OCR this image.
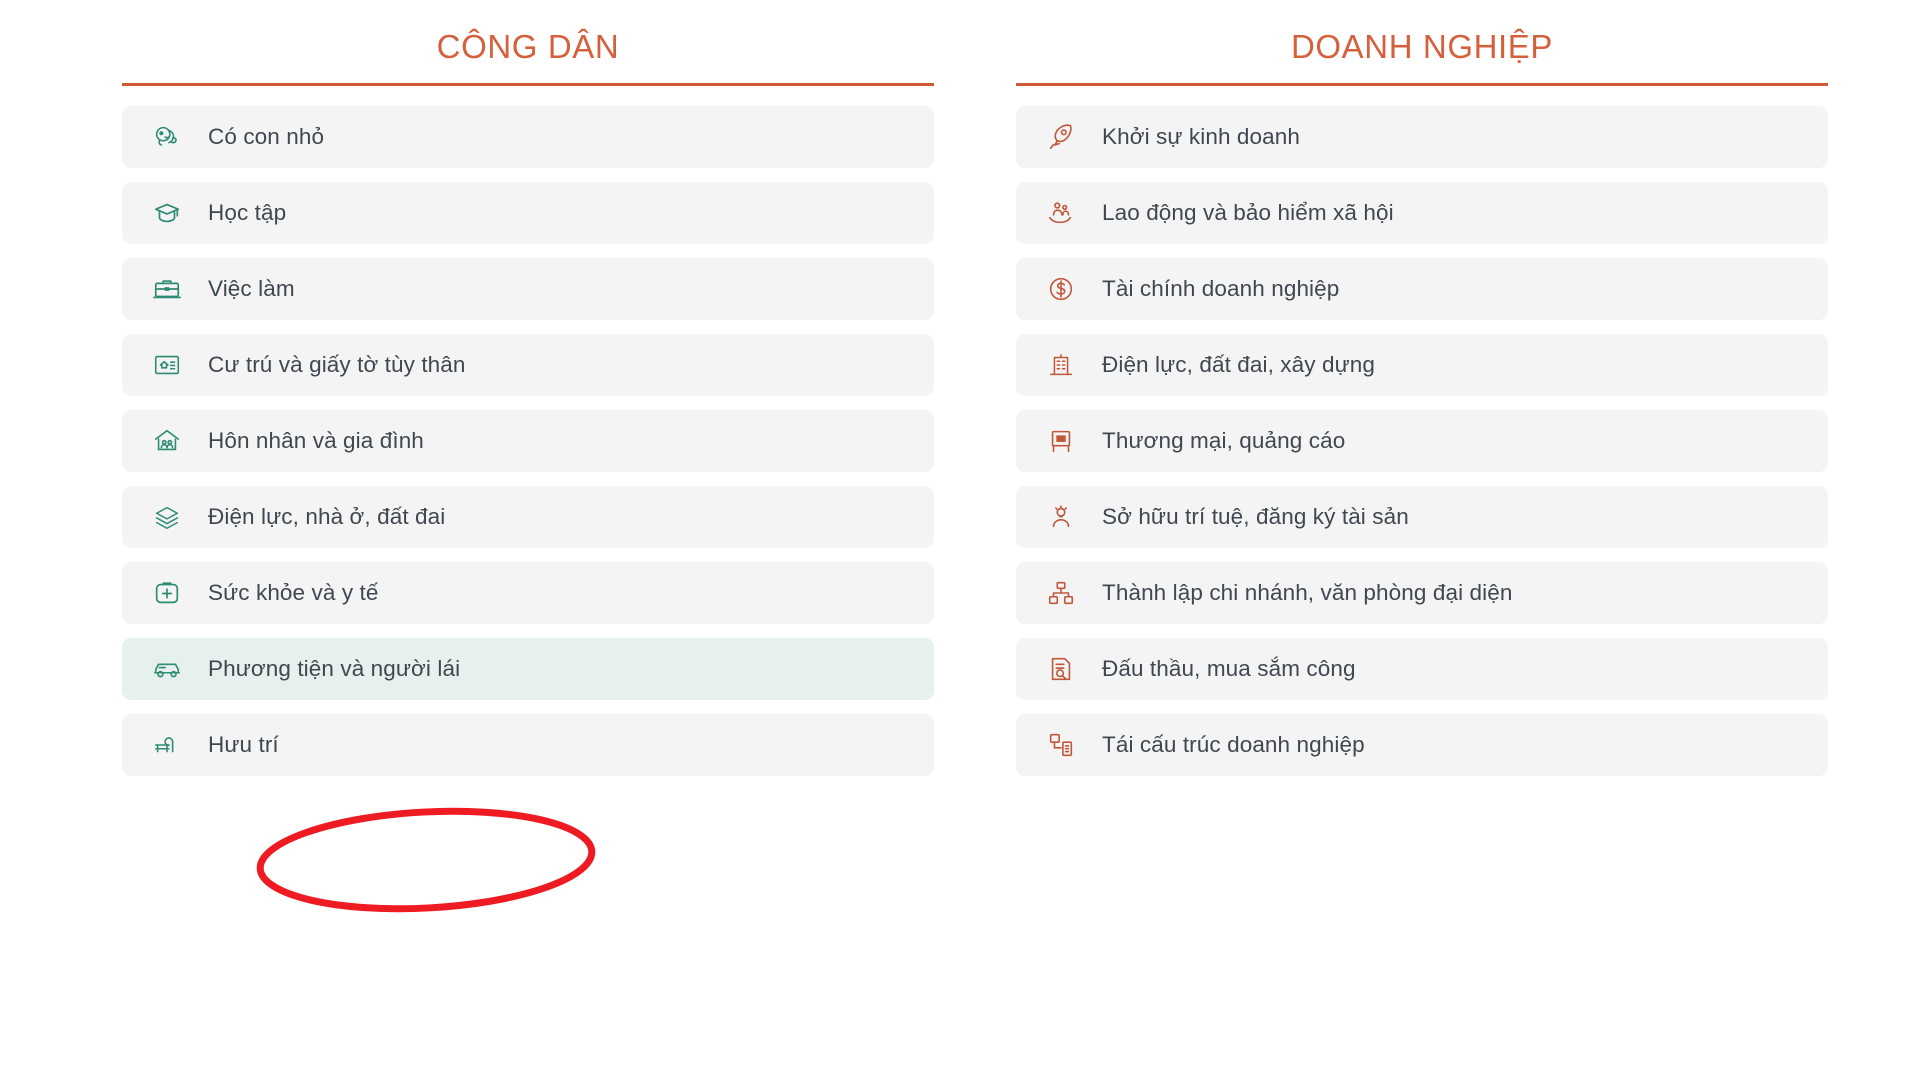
CÔNG DÂN
Có con nhỏ
Học tập
Việc làm
Cư trú và giấy tờ tùy thân
Hôn nhân và gia đình
Điện lực, nhà ở, đất đai
Sức khỏe và y tế
Phương tiện và người lái
Hưu trí
DOANH NGHIỆP
Khởi sự kinh doanh
Lao động và bảo hiểm xã hội
Tài chính doanh nghiệp
Điện lực, đất đai, xây dựng
Thương mại, quảng cáo
Sở hữu trí tuệ, đăng ký tài sản
Thành lập chi nhánh, văn phòng đại diện
Đấu thầu, mua sắm công
Tái cấu trúc doanh nghiệp
